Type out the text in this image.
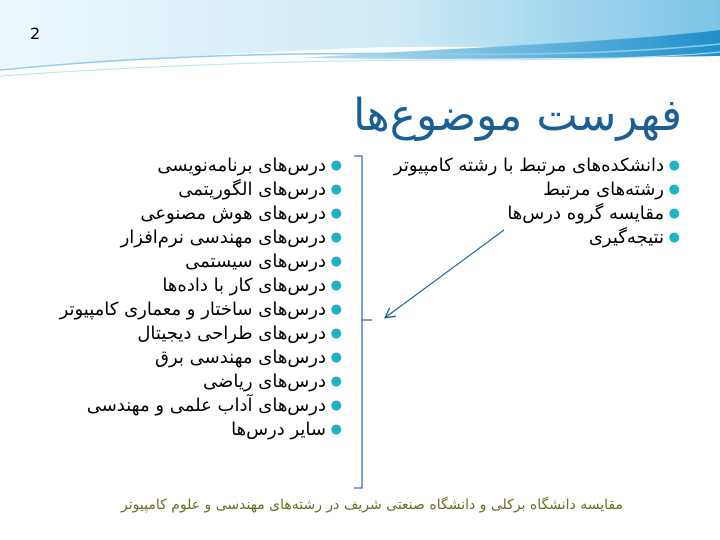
2
فهرست موضوع‌ها
●
دانشکده‌های مرتبط با رشته کامپیوتر
●
رشته‌های مرتبط
●
مقایسه گروه درس‌ها
●
نتیجه‌گیری
●
درس‌های برنامه‌نویسی
●
درس‌های الگوریتمی
●
درس‌های هوش مصنوعی
●
درس‌های مهندسی نرم‌افزار
●
درس‌های سیستمی
●
درس‌های کار با داده‌ها
●
درس‌های ساختار و معماری کامپیوتر
●
درس‌های طراحی دیجیتال
●
درس‌های مهندسی برق
●
درس‌های ریاضی
●
درس‌های آداب علمی و مهندسی
●
سایر درس‌ها
مقایسه دانشگاه برکلی و دانشگاه صنعتی شریف در رشته‌های مهندسی و علوم کامپیوتر
